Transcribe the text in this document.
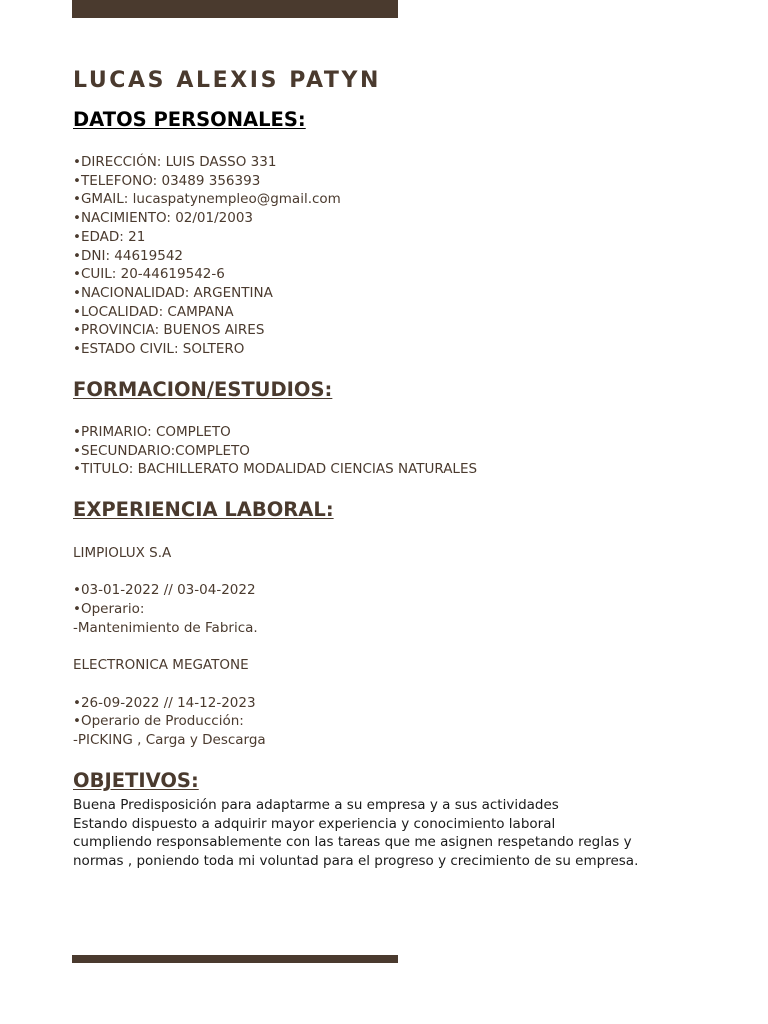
LUCAS ALEXIS PATYN
DATOS PERSONALES:
•DIRECCIÓN: LUIS DASSO 331
•TELEFONO: 03489 356393
•GMAIL: lucaspatynempleo@gmail.com
•NACIMIENTO: 02/01/2003
•EDAD: 21
•DNI: 44619542
•CUIL: 20-44619542-6
•NACIONALIDAD: ARGENTINA
•LOCALIDAD: CAMPANA
•PROVINCIA: BUENOS AIRES
•ESTADO CIVIL: SOLTERO
FORMACION/ESTUDIOS:
•PRIMARIO: COMPLETO
•SECUNDARIO:COMPLETO
•TITULO: BACHILLERATO MODALIDAD CIENCIAS NATURALES
EXPERIENCIA LABORAL:
LIMPIOLUX S.A
•03-01-2022 // 03-04-2022
•Operario:
-Mantenimiento de Fabrica.
ELECTRONICA MEGATONE
•26-09-2022 // 14-12-2023
•Operario de Producción:
-PICKING , Carga y Descarga
OBJETIVOS:
Buena Predisposición para adaptarme a su empresa y a sus actividades
Estando dispuesto a adquirir mayor experiencia y conocimiento laboral
cumpliendo responsablemente con las tareas que me asignen respetando reglas y
normas , poniendo toda mi voluntad para el progreso y crecimiento de su empresa.
